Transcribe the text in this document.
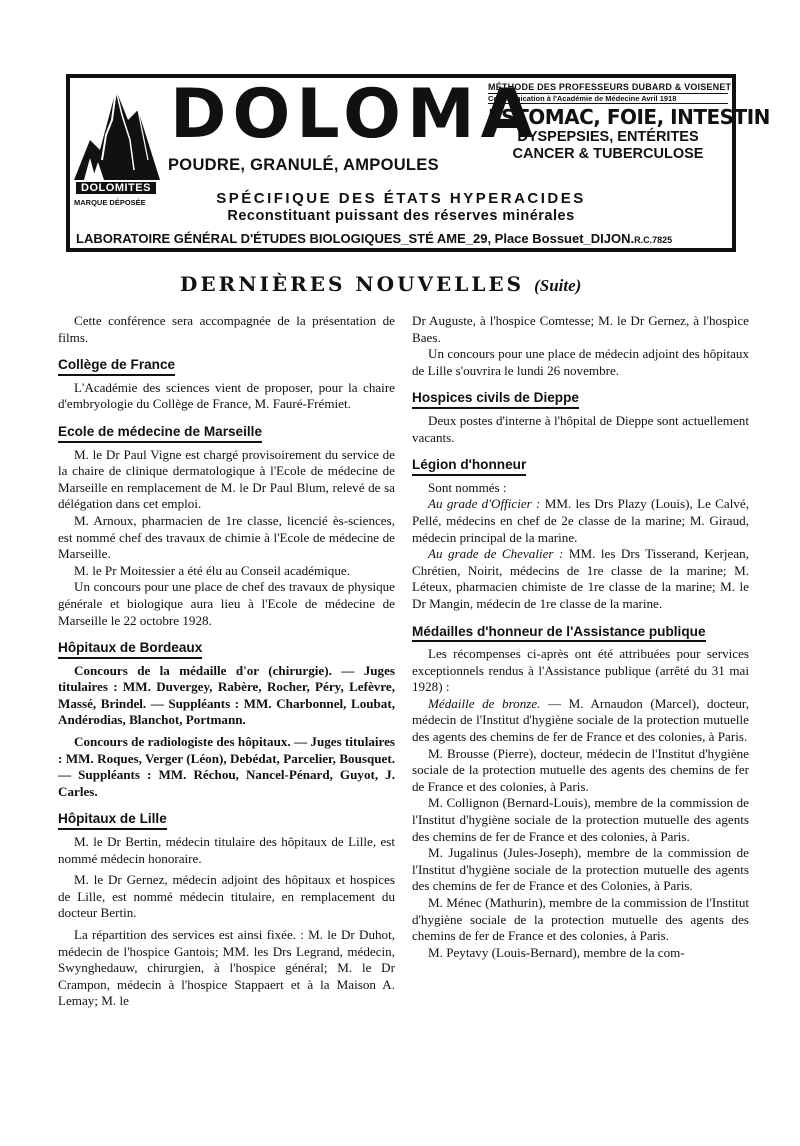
DOLOMITES
MARQUE DÉPOSÉE
DOLOMA
POUDRE, GRANULÉ, AMPOULES
MÉTHODE DES PROFESSEURS DUBARD & VOISENET
Communication à l'Académie de Médecine Avril 1918
ESTOMAC, FOIE, INTESTIN
DYSPEPSIES, ENTÉRITES
CANCER & TUBERCULOSE
SPÉCIFIQUE DES ÉTATS HYPERACIDES
Reconstituant puissant des réserves minérales
LABORATOIRE GÉNÉRAL D'ÉTUDES BIOLOGIQUES_STÉ AME_29, Place Bossuet_DIJON.R.C.7825
DERNIÈRES NOUVELLES (Suite)

Cette conférence sera accompagnée de la présentation de films.

Collège de France

L'Académie des sciences vient de proposer, pour la chaire d'embryologie du Collège de France, M. Fauré-Frémiet.

Ecole de médecine de Marseille

M. le Dr Paul Vigne est chargé provisoirement du service de la chaire de clinique dermatologique à l'Ecole de médecine de Marseille en remplacement de M. le Dr Paul Blum, relevé de sa délégation dans cet emploi.

M. Arnoux, pharmacien de 1re classe, licencié ès-sciences, est nommé chef des travaux de chimie à l'Ecole de médecine de Marseille.

M. le Pr Moitessier a été élu au Conseil académique.

Un concours pour une place de chef des travaux de physique générale et biologique aura lieu à l'Ecole de médecine de Marseille le 22 octobre 1928.

Hôpitaux de Bordeaux

Concours de la médaille d'or (chirurgie). — Juges titulaires : MM. Duvergey, Rabère, Rocher, Péry, Lefèvre, Massé, Brindel. — Suppléants : MM. Charbonnel, Loubat, Andérodias, Blanchot, Portmann.

Concours de radiologiste des hôpitaux. — Juges titulaires : MM. Roques, Verger (Léon), Debédat, Parcelier, Bousquet. — Suppléants : MM. Réchou, Nancel-Pénard, Guyot, J. Carles.

Hôpitaux de Lille

M. le Dr Bertin, médecin titulaire des hôpitaux de Lille, est nommé médecin honoraire.

M. le Dr Gernez, médecin adjoint des hôpitaux et hospices de Lille, est nommé médecin titulaire, en remplacement du docteur Bertin.

La répartition des services est ainsi fixée. : M. le Dr Duhot, médecin de l'hospice Gantois; MM. les Drs Legrand, médecin, Swynghedauw, chirurgien, à l'hospice général; M. le Dr Crampon, médecin à l'hospice Stappaert et à la Maison A. Lemay; M. le

Dr Auguste, à l'hospice Comtesse; M. le Dr Gernez, à l'hospice Baes.

Un concours pour une place de médecin adjoint des hôpitaux de Lille s'ouvrira le lundi 26 novembre.

Hospices civils de Dieppe

Deux postes d'interne à l'hôpital de Dieppe sont actuellement vacants.

Légion d'honneur

Sont nommés :

Au grade d'Officier : MM. les Drs Plazy (Louis), Le Calvé, Pellé, médecins en chef de 2e classe de la marine; M. Giraud, médecin principal de la marine.

Au grade de Chevalier : MM. les Drs Tisserand, Kerjean, Chrétien, Noirit, médecins de 1re classe de la marine; M. Léteux, pharmacien chimiste de 1re classe de la marine; M. le Dr Mangin, médecin de 1re classe de la marine.

Médailles d'honneur de l'Assistance publique

Les récompenses ci-après ont été attribuées pour services exceptionnels rendus à l'Assistance publique (arrêté du 31 mai 1928) :

Médaille de bronze. — M. Arnaudon (Marcel), docteur, médecin de l'Institut d'hygiène sociale de la protection mutuelle des agents des chemins de fer de France et des colonies, à Paris.

M. Brousse (Pierre), docteur, médecin de l'Institut d'hygiène sociale de la protection mutuelle des agents des chemins de fer de France et des colonies, à Paris.

M. Collignon (Bernard-Louis), membre de la commission de l'Institut d'hygiène sociale de la protection mutuelle des agents des chemins de fer de France et des colonies, à Paris.

M. Jugalinus (Jules-Joseph), membre de la commission de l'Institut d'hygiène sociale de la protection mutuelle des agents des chemins de fer de France et des Colonies, à Paris.

M. Ménec (Mathurin), membre de la commission de l'Institut d'hygiène sociale de la protection mutuelle des agents des chemins de fer de France et des colonies, à Paris.

M. Peytavy (Louis-Bernard), membre de la com-
